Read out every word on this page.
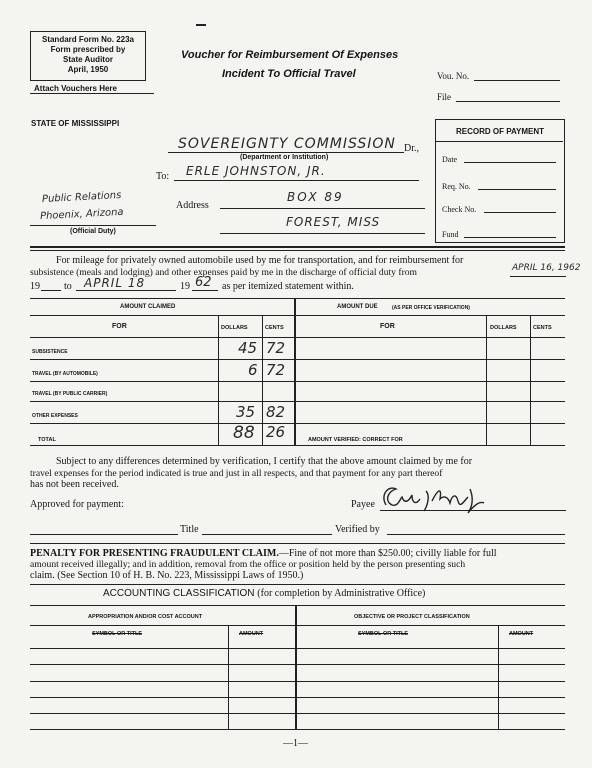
Standard Form No. 223a
Form prescribed by
State Auditor
April, 1950
Attach Vouchers Here
Voucher for Reimbursement Of Expenses
Incident To Official Travel	Vou. No.
File
STATE OF MISSISSIPPI
SOVEREIGNTY COMMISSION Dr.,
(Department or Institution)
To: ERLE JOHNSTON, JR.
Public Relations
Phoenix, Arizona
(Official Duty)
Address
BOX 89
FOREST, MISS
RECORD OF PAYMENT
Date
Req. No.
Check No.
Fund
For mileage for privately owned automobile used by me for transportation, and for reimbursement for
subsistence (meals and lodging) and other expenses paid by me in the discharge of official duty from	APRIL 16, 1962
19 to APRIL 18	19 62 as per itemized statement within.
AMOUNT CLAIMED	AMOUNT DUE	(AS PER OFFICE VERIFICATION)
FOR	DOLLARS	CENTS	FOR	DOLLARS	CENTS
SUBSISTENCE	45 72
TRAVEL (BY AUTOMOBILE)	6 72
TRAVEL (BY PUBLIC CARRIER)
OTHER EXPENSES	35 82
TOTAL	88 26	AMOUNT VERIFIED: CORRECT FOR
Subject to any differences determined by verification, I certify that the above amount claimed by me for
travel expenses for the period indicated is true and just in all respects, and that payment for any part thereof
has not been received.
Approved for payment:	Payee
Title	Verified by
PENALTY FOR PRESENTING FRAUDULENT CLAIM.—Fine of not more than $250.00; civilly liable for full
amount received illegally; and in addition, removal from the office or position held by the person presenting such
claim. (See Section 10 of H. B. No. 223, Mississippi Laws of 1950.)
ACCOUNTING CLASSIFICATION (for completion by Administrative Office)
APPROPRIATION AND/OR COST ACCOUNT	OBJECTIVE OR PROJECT CLASSIFICATION
SYMBOL OR TITLE	AMOUNT	SYMBOL OR TITLE	AMOUNT
—1—
